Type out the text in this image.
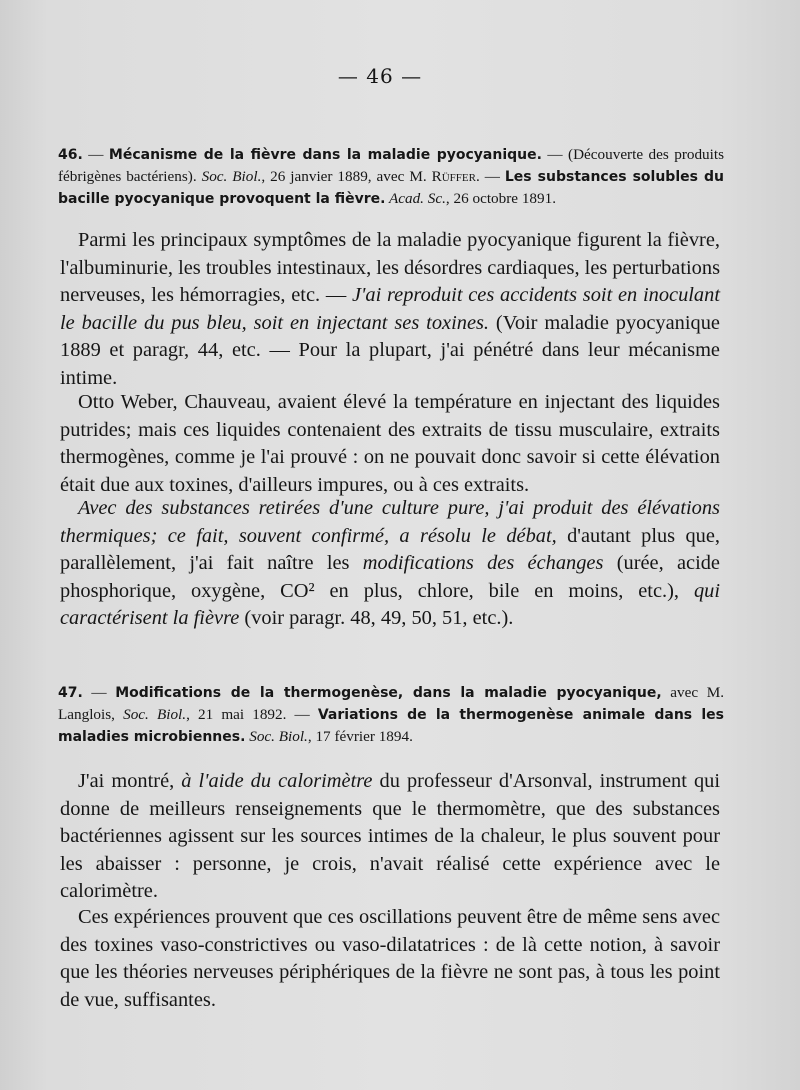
— 46 —
46. — Mécanisme de la fièvre dans la maladie pyocyanique. — (Découverte des produits fébrigènes bactériens). Soc. Biol., 26 janvier 1889, avec M. Rüffer. — Les substances solubles du bacille pyocyanique provoquent la fièvre. Acad. Sc., 26 octobre 1891.

Parmi les principaux symptômes de la maladie pyocyanique figurent la fièvre, l'albuminurie, les troubles intestinaux, les désordres cardiaques, les perturbations nerveuses, les hémorragies, etc. — J'ai reproduit ces accidents soit en inoculant le bacille du pus bleu, soit en injectant ses toxines. (Voir maladie pyocyanique 1889 et paragr, 44, etc. — Pour la plupart, j'ai pénétré dans leur mécanisme intime.

Otto Weber, Chauveau, avaient élevé la température en injectant des liquides putrides; mais ces liquides contenaient des extraits de tissu musculaire, extraits thermogènes, comme je l'ai prouvé : on ne pouvait donc savoir si cette élévation était due aux toxines, d'ailleurs impures, ou à ces extraits.

Avec des substances retirées d'une culture pure, j'ai produit des élévations thermiques; ce fait, souvent confirmé, a résolu le débat, d'autant plus que, parallèlement, j'ai fait naître les modifications des échanges (urée, acide phosphorique, oxygène, CO² en plus, chlore, bile en moins, etc.), qui caractérisent la fièvre (voir paragr. 48, 49, 50, 51, etc.).

47. — Modifications de la thermogenèse, dans la maladie pyocyanique, avec M. Langlois, Soc. Biol., 21 mai 1892. — Variations de la thermogenèse animale dans les maladies microbiennes. Soc. Biol., 17 février 1894.

J'ai montré, à l'aide du calorimètre du professeur d'Arsonval, instrument qui donne de meilleurs renseignements que le thermomètre, que des substances bactériennes agissent sur les sources intimes de la chaleur, le plus souvent pour les abaisser : personne, je crois, n'avait réalisé cette expérience avec le calorimètre.

Ces expériences prouvent que ces oscillations peuvent être de même sens avec des toxines vaso-constrictives ou vaso-dilatatrices : de là cette notion, à savoir que les théories nerveuses périphériques de la fièvre ne sont pas, à tous les point de vue, suffisantes.
